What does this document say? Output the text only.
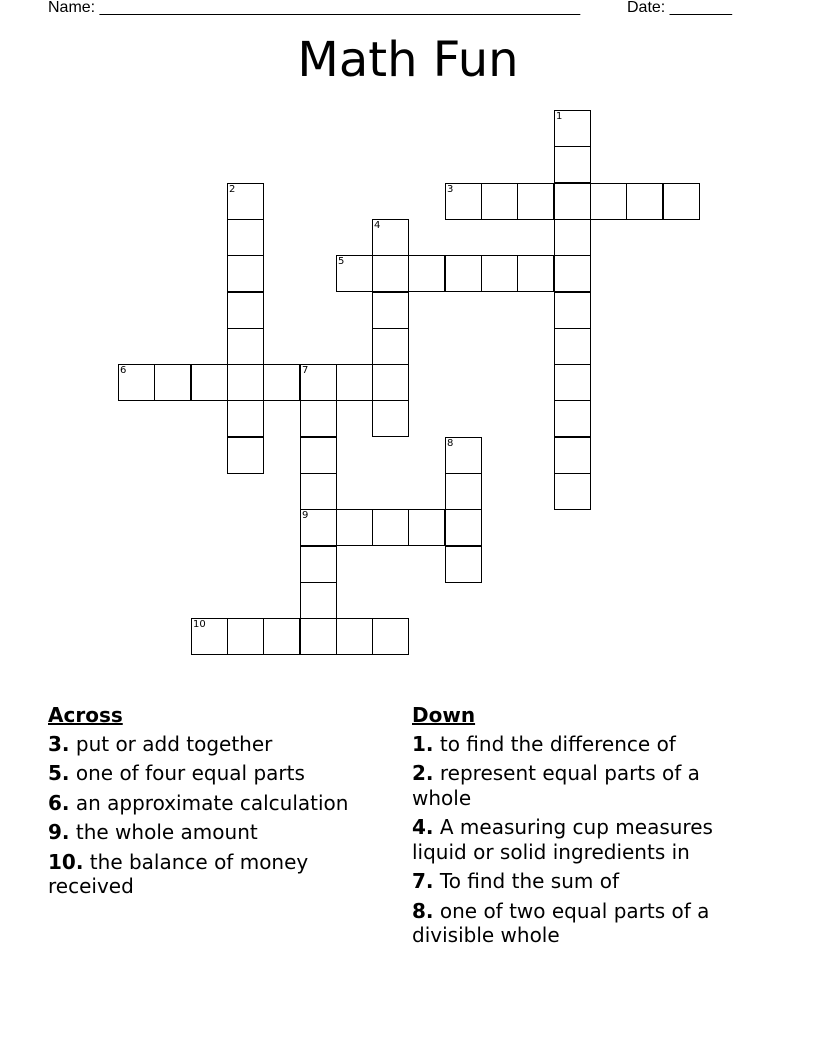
Name: ______________________________________________________	Date: _______
Math Fun
1
2	3
4
5
6	7
9
8
10
Across
3. put or add together
5. one of four equal parts
6. an approximate calculation
9. the whole amount
10. the balance of money received
Down
1. to find the difference of
2. represent equal parts of a whole
4. A measuring cup measures liquid or solid ingredients in
7. To find the sum of
8. one of two equal parts of a divisible whole
